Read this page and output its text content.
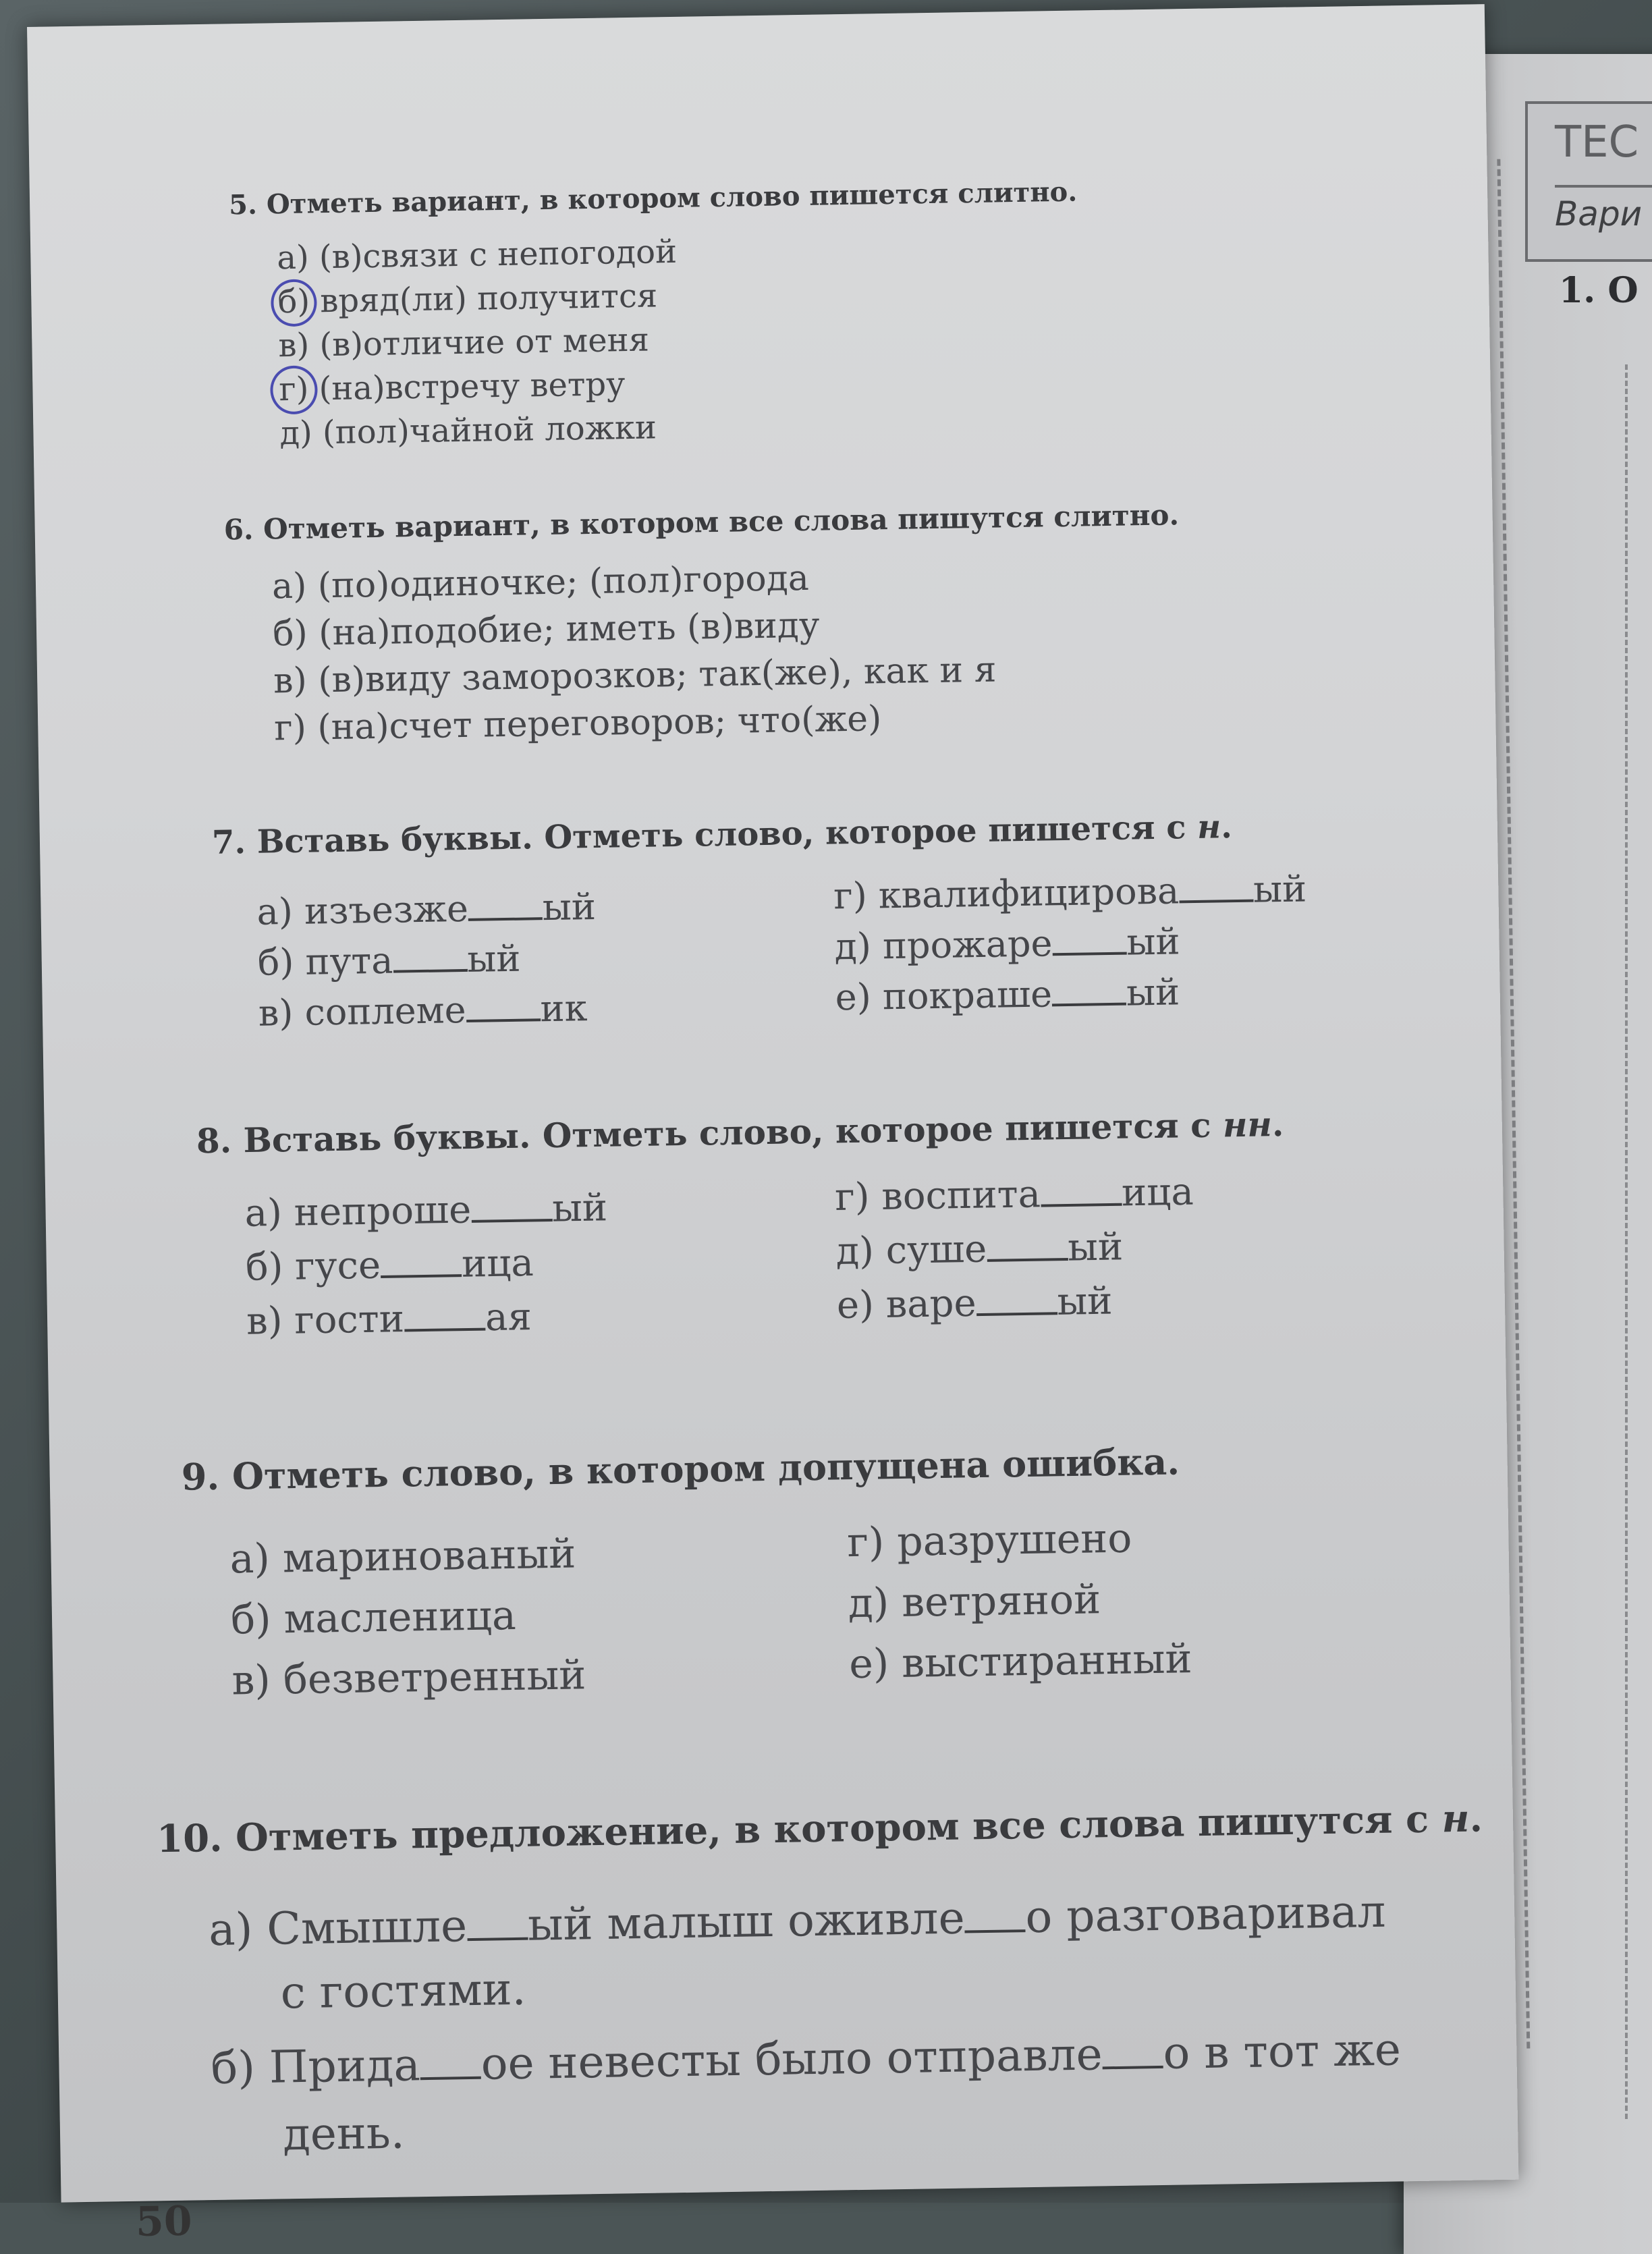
ТЕС
Вари
1. О
5. Отметь вариант, в котором слово пишется слитно.
а) (в)связи с непогодой
б) вряд(ли) получится
в) (в)отличие от меня
г) (на)встречу ветру
д) (пол)чайной ложки
6. Отметь вариант, в котором все слова пишутся слитно.
а) (по)одиночке; (пол)города
б) (на)подобие; иметь (в)виду
в) (в)виду заморозков; так(же), как и я
г) (на)счет переговоров; что(же)
7. Вставь буквы. Отметь слово, которое пишется с н.
а) изъезже ый
б) пута ый
в) соплеме ик
г) квалифицирова ый
д) прожаре ый
е) покраше ый
8. Вставь буквы. Отметь слово, которое пишется с нн.
а) непроше ый
б) гусе ица
в) гости ая
г) воспита ица
д) суше ый
е) варе ый
9. Отметь слово, в котором допущена ошибка.
а) маринованый
б) масленица
в) безветренный
г) разрушено
д) ветряной
е) выстиранный
10. Отметь предложение, в котором все слова пишутся с н.
а) Смышле ый малыш оживле о разговаривал
с гостями.
б) Прида ое невесты было отправле о в тот же
день.
50
